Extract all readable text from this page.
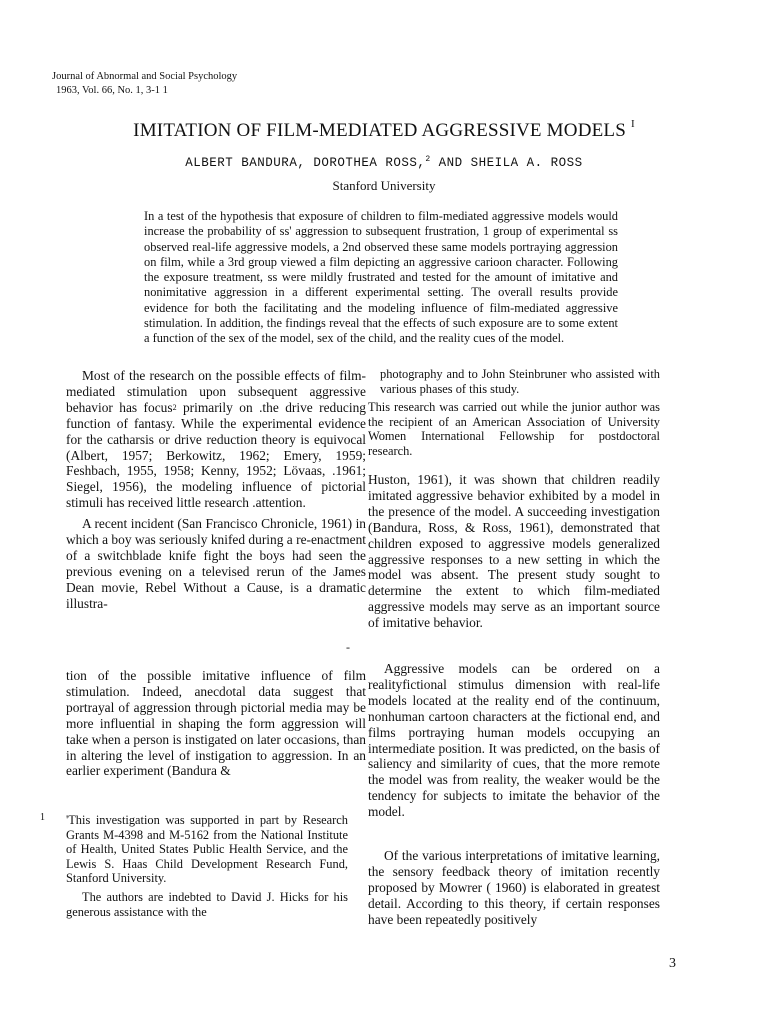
Journal of Abnormal and Social Psychology
1963, Vol. 66, No. 1, 3-1 1
IMITATION OF FILM-MEDIATED AGGRESSIVE MODELS $^I$
ALBERT BANDURA, DOROTHEA ROSS,$^2$ AND SHEILA A. ROSS
Stanford University
In a test of the hypothesis that exposure of children to film-mediated aggressive models would increase the probability of ss' aggression to subsequent frustration, 1 group of experimental ss observed real-life aggressive models, a 2nd observed these same models portraying aggression on film, while a 3rd group viewed a film depicting an aggressive carioon character. Following the exposure treatment, ss were mildly frustrated and tested for the amount of imitative and nonimitative aggression in a different experimental setting. The overall results provide evidence for both the facilitating and the modeling influence of film-mediated aggressive stimulation. In addition, the findings reveal that the effects of such exposure are to some extent a function of the sex of the model, sex of the child, and the reality cues of the model.

Most of the research on the possible effects of film-mediated stimulation upon subsequent aggressive behavior has focus$^2$ primarily on .the drive reducing function of fantasy. While the experimental evidence for the catharsis or drive reduction theory is equivocal (Albert, 1957; Berkowitz, 1962; Emery, 1959; Feshbach, 1955, 1958; Kenny, 1952; Lövaas, .1961; Siegel, 1956), the modeling influence of pictorial stimuli has received little research .attention.

A recent incident (San Francisco Chronicle, 1961) in which a boy was seriously knifed during a re-enactment of a switchblade knife fight the boys had seen the previous evening on a televised rerun of the James Dean movie, Rebel Without a Cause, is a dramatic illustra-

-

tion of the possible imitative influence of film stimulation. Indeed, anecdotal data suggest that portrayal of aggression through pictorial media may be more influential in shaping the form aggression will take when a person is instigated on later occasions, than in altering the level of instigation to aggression. In an earlier experiment (Bandura &

1 'This investigation was supported in part by Research Grants M-4398 and M-5162 from the National Institute of Health, United States Public Health Service, and the Lewis S. Haas Child Development Research Fund, Stanford University.

The authors are indebted to David J. Hicks for his generous assistance with the

photography and to John Steinbruner who assisted with various phases of this study.

This research was carried out while the junior author was the recipient of an American Association of University Women International Fellowship for postdoctoral research.

Huston, 1961), it was shown that children readily imitated aggressive behavior exhibited by a model in the presence of the model. A succeeding investigation (Bandura, Ross, & Ross, 1961), demonstrated that children exposed to aggressive models generalized aggressive responses to a new setting in which the model was absent. The present study sought to determine the extent to which film-mediated aggressive models may serve as an important source of imitative behavior.
Aggressive models can be ordered on a realityfictional stimulus dimension with real-life models located at the reality end of the continuum, nonhuman cartoon characters at the fictional end, and films portraying human models occupying an intermediate position. It was predicted, on the basis of saliency and similarity of cues, that the more remote the model was from reality, the weaker would be the tendency for subjects to imitate the behavior of the model.
Of the various interpretations of imitative learning, the sensory feedback theory of imitation recently proposed by Mowrer ( 1960) is elaborated in greatest detail. According to this theory, if certain responses have been repeatedly positively
3
